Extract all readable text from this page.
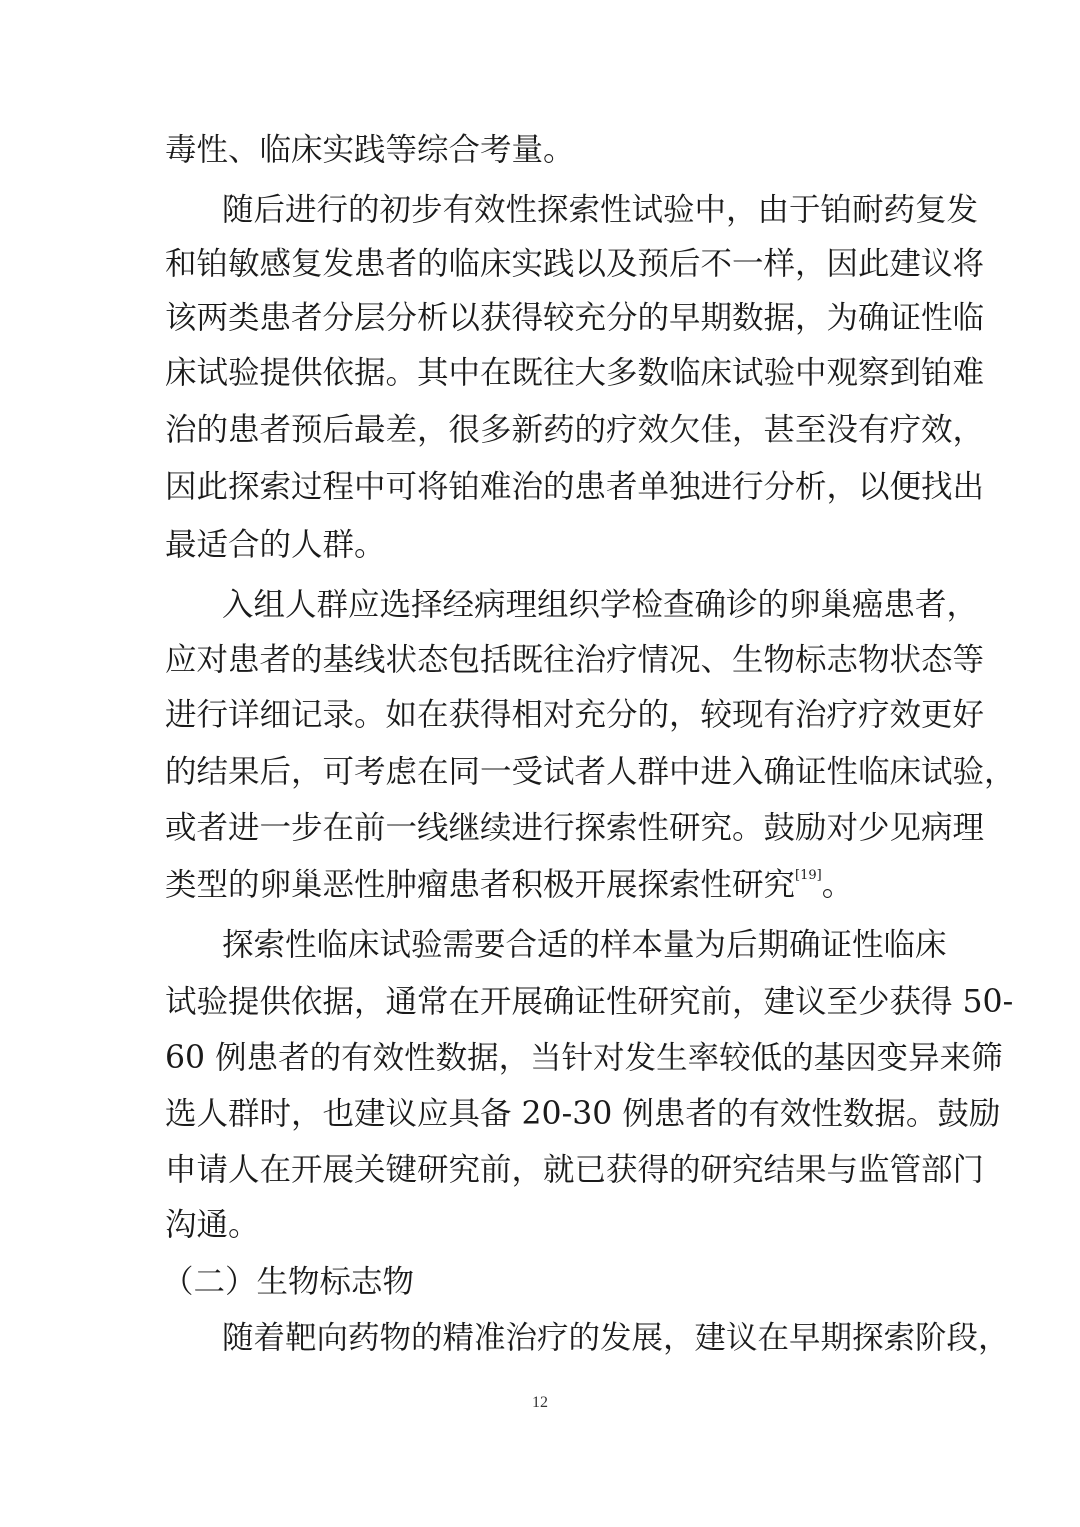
毒性、临床实践等综合考量。
随后进行的初步有效性探索性试验中，由于铂耐药复发
和铂敏感复发患者的临床实践以及预后不一样，因此建议将
该两类患者分层分析以获得较充分的早期数据，为确证性临
床试验提供依据。其中在既往大多数临床试验中观察到铂难
治的患者预后最差，很多新药的疗效欠佳，甚至没有疗效，
因此探索过程中可将铂难治的患者单独进行分析，以便找出
最适合的人群。
入组人群应选择经病理组织学检查确诊的卵巢癌患者，
应对患者的基线状态包括既往治疗情况、生物标志物状态等
进行详细记录。如在获得相对充分的，较现有治疗疗效更好
的结果后，可考虑在同一受试者人群中进入确证性临床试验，
或者进一步在前一线继续进行探索性研究。鼓励对少见病理
类型的卵巢恶性肿瘤患者积极开展探索性研究[19]。
探索性临床试验需要合适的样本量为后期确证性临床
试验提供依据，通常在开展确证性研究前，建议至少获得 50-
60 例患者的有效性数据，当针对发生率较低的基因变异来筛
选人群时，也建议应具备 20-30 例患者的有效性数据。鼓励
申请人在开展关键研究前，就已获得的研究结果与监管部门
沟通。
（二）生物标志物
随着靶向药物的精准治疗的发展，建议在早期探索阶段，
12
